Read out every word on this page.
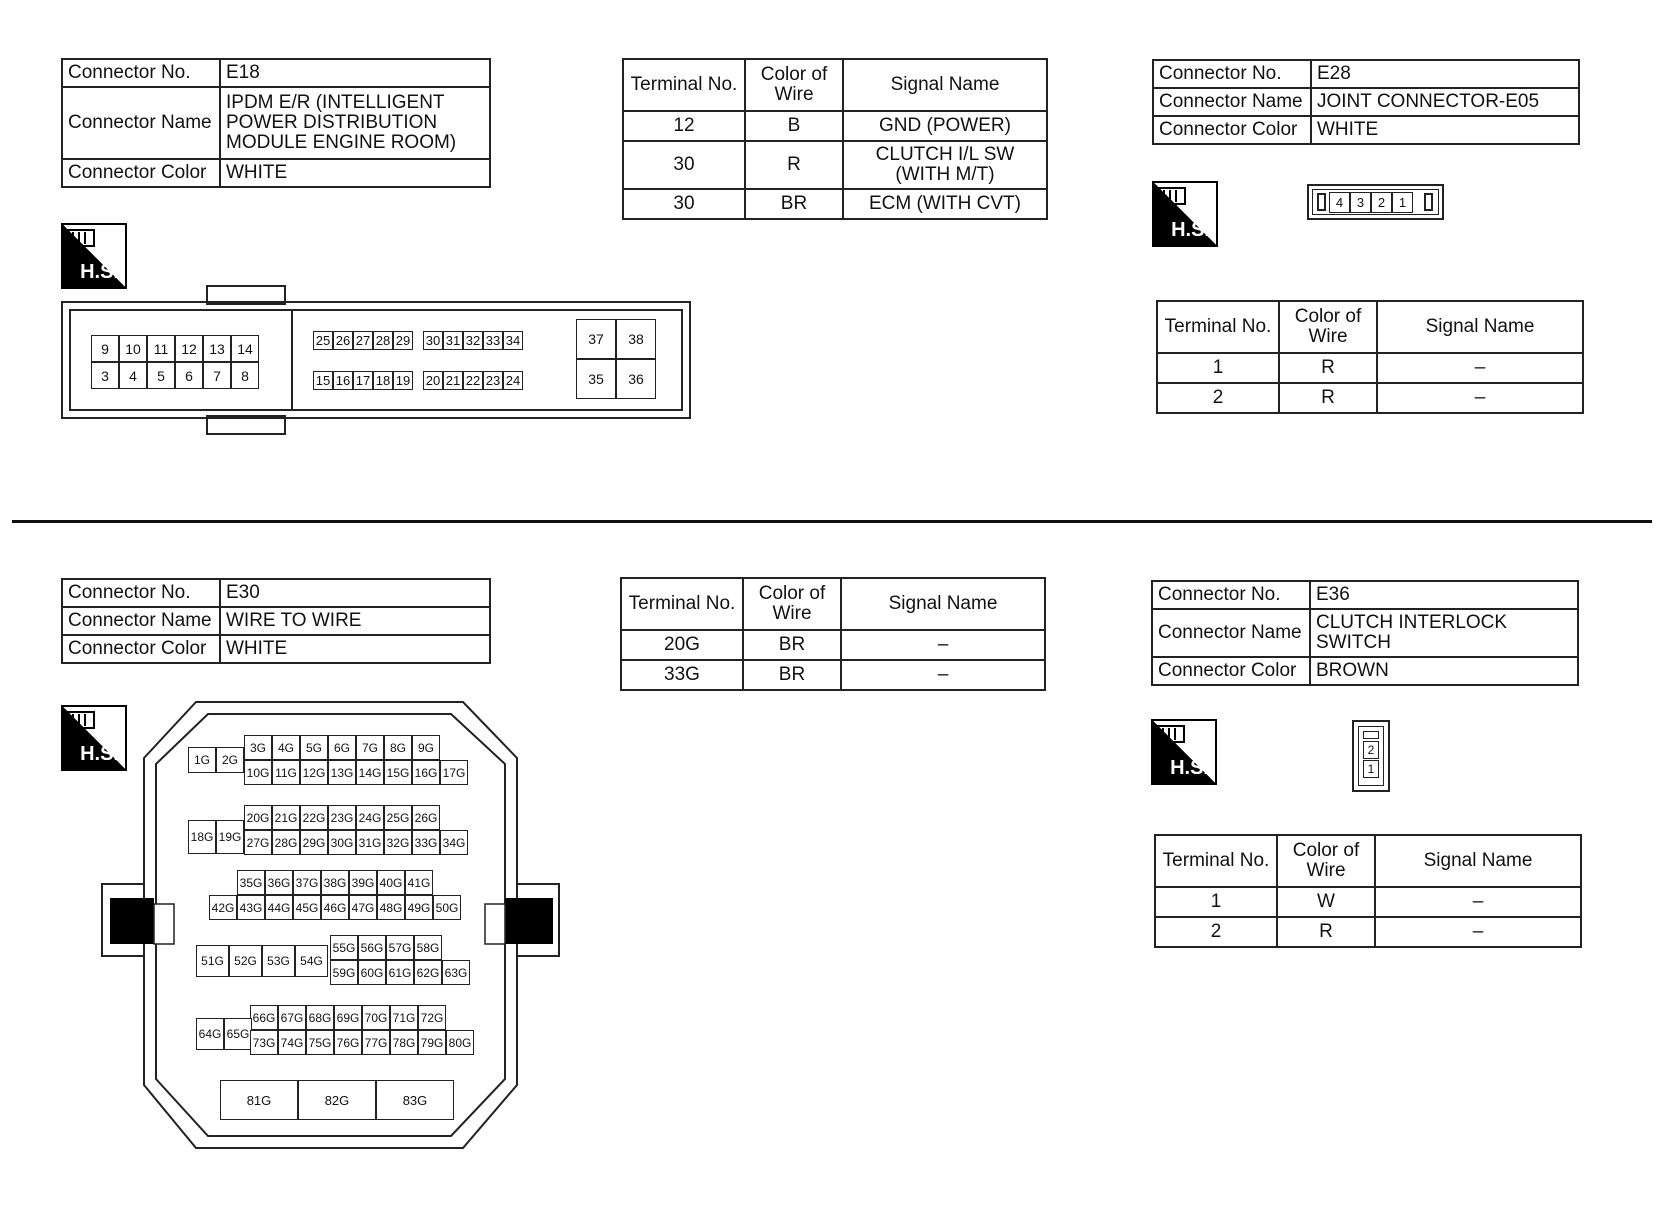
Connector No.	E18
Connector Name	IPDM E/R (INTELLIGENT POWER DISTRIBUTION MODULE ENGINE ROOM)
Connector Color	WHITE
H.S.
9	10 11 12 13 14
3	4	5	6	7	8
25 26 27 28 29 30 31 32 33 34
15 16 17 18 19 20 21 22 23 24
37	38
35	36
Terminal No.	Color of Wire	Signal Name
12	B	GND (POWER)
30	R	CLUTCH I/L SW (WITH M/T)
30	BR	ECM (WITH CVT)
Connector No.	E28
Connector Name	JOINT CONNECTOR-E05
Connector Color	WHITE
H.S.
4	3	2	1
Terminal No.	Color of Wire	Signal Name
1	R	–
2	R	–
Connector No.	E30
Connector Name	WIRE TO WIRE
Connector Color	WHITE
H.S.	3G 4G 5G 6G 7G 8G 9G
1G 2G
10G 11G 12G 13G 14G 15G 16G 17G
20G 21G 22G 23G 24G 25G 26G
18G 19G 27G 28G 29G 30G 31G 32G 33G 34G
35G 36G 37G 38G 39G 40G 41G
42G 43G 44G 45G 46G 47G 48G 49G 50G
55G 56G 57G 58G
51G 52G 53G 54G
59G 60G 61G 62G 63G
66G 67G 68G 69G 70G 71G 72G
64G 65G
73G 74G 75G 76G 77G 78G 79G 80G
81G	82G	83G
Terminal No.	Color of Wire	Signal Name
20G	BR	–
33G	BR	–
Connector No.	E36
Connector Name	CLUTCH INTERLOCK SWITCH
Connector Color	BROWN
H.S.
2
1
Terminal No.	Color of Wire	Signal Name
1	W	–
2	R	–
